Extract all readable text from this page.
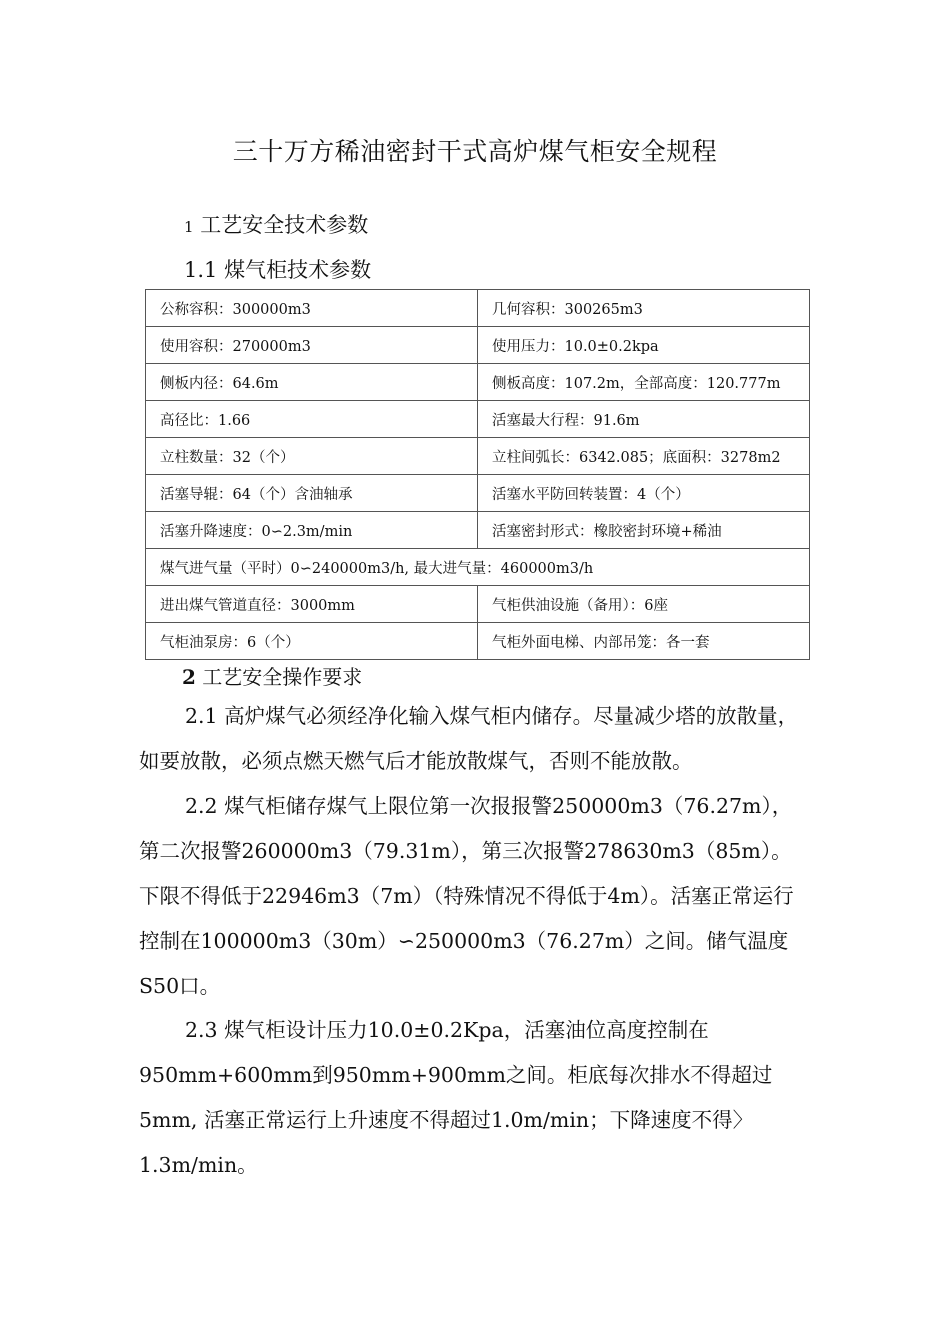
三十万方稀油密封干式高炉煤气柜安全规程
1 工艺安全技术参数
1.1 煤气柜技术参数
公称容积：300000m3	几何容积：300265m3
使用容积：270000m3	使用压力：10.0±0.2kpa
侧板内径：64.6m	侧板高度：107.2m，全部高度：120.777m
高径比：1.66	活塞最大行程：91.6m
立柱数量：32（个）	立柱间弧长：6342.085；底面积：3278m2
活塞导辊：64（个）含油轴承	活塞水平防回转装置：4（个）
活塞升降速度：0∽2.3m/min	活塞密封形式：橡胶密封环境+稀油
煤气进气量（平时）0∽240000m3/h, 最大进气量：460000m3/h	
进出煤气管道直径：3000mm	气柜供油设施（备用）：6座
气柜油泵房：6（个）	气柜外面电梯、内部吊笼：各一套
2 工艺安全操作要求

2.1 高炉煤气必须经净化输入煤气柜内储存。尽量减少塔的放散量，如要放散，必须点燃天燃气后才能放散煤气，否则不能放散。

2.2 煤气柜储存煤气上限位第一次报报警250000m3（76.27m），第二次报警260000m3（79.31m），第三次报警278630m3（85m）。下限不得低于22946m3（7m）（特殊情况不得低于4m）。活塞正常运行控制在100000m3（30m）∽250000m3（76.27m）之间。储气温度S50口。

2.3 煤气柜设计压力10.0±0.2Kpa，活塞油位高度控制在950mm+600mm到950mm+900mm之间。柜底每次排水不得超过5mm, 活塞正常运行上升速度不得超过1.0m/min；下降速度不得〉1.3m/min。
